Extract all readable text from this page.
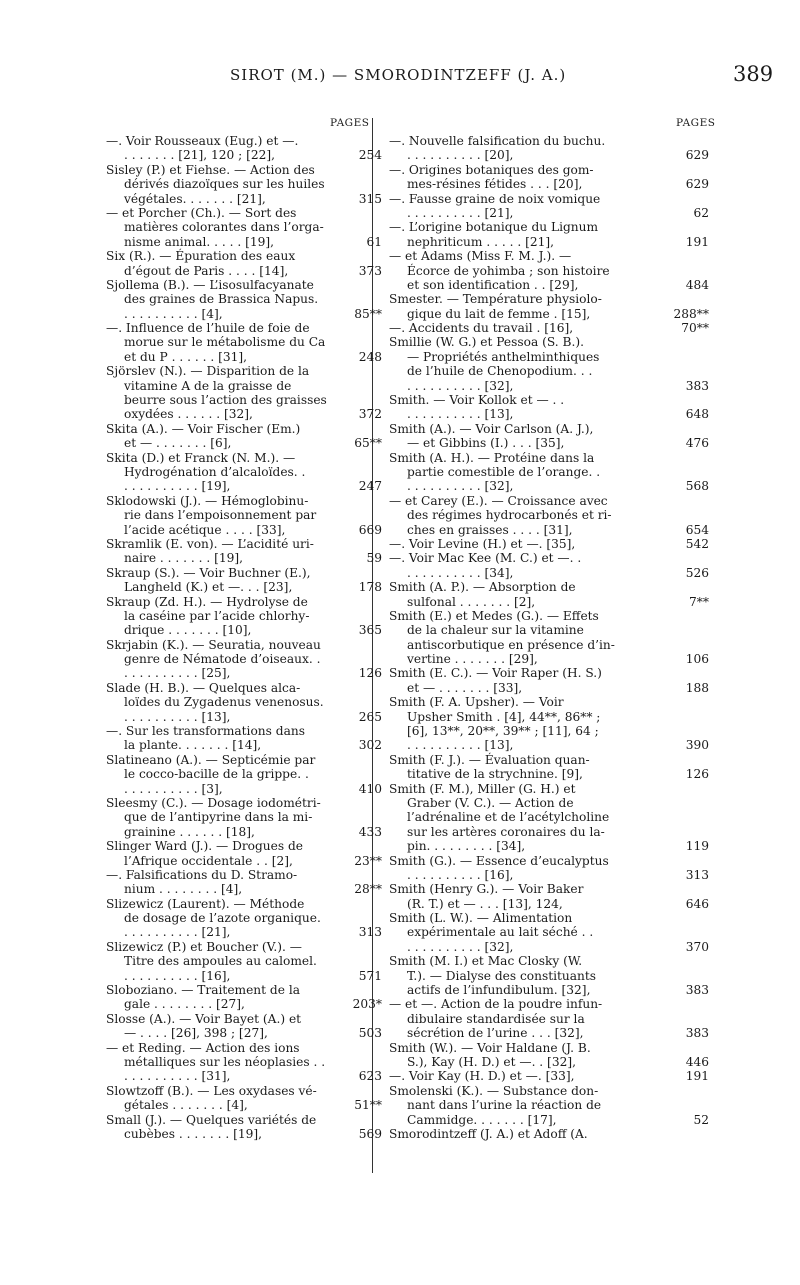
SIROT (M.) — SMORODINTZEFF (J. A.)	389
PAGES	PAGES
—. Voir Rousseaux (Eug.) et —.
. . . . . . . [21], 120 ; [22],	254
Sisley (P.) et Fiehse. — Action des
dérivés diazoïques sur les huiles
végétales. . . . . . . [21],	315
— et Porcher (Ch.). — Sort des
matières colorantes dans l’orga-
nisme animal. . . . . [19],	61
Six (R.). — Épuration des eaux
d’égout de Paris . . . . [14],	373
Sjollema (B.). — L’isosulfacyanate
des graines de Brassica Napus.
. . . . . . . . . . [4],	85**
—. Influence de l’huile de foie de
morue sur le métabolisme du Ca
et du P . . . . . . [31],	248
Sjörslev (N.). — Disparition de la
vitamine A de la graisse de
beurre sous l’action des graisses
oxydées . . . . . . [32],	372
Skita (A.). — Voir Fischer (Em.)
et — . . . . . . . [6],	65**
Skita (D.) et Franck (N. M.). —
Hydrogénation d’alcaloïdes. .
. . . . . . . . . . [19],	247
Sklodowski (J.). — Hémoglobinu-
rie dans l’empoisonnement par
l’acide acétique . . . . [33],	669
Skramlik (E. von). — L’acidité uri-
naire . . . . . . . [19],	59
Skraup (S.). — Voir Buchner (E.),
Langheld (K.) et —. . . [23],	178
Skraup (Zd. H.). — Hydrolyse de
la caséine par l’acide chlorhy-
drique . . . . . . . [10],	365
Skrjabin (K.). — Seuratia, nouveau
genre de Nématode d’oiseaux. .
. . . . . . . . . . [25],	126
Slade (H. B.). — Quelques alca-
loïdes du Zygadenus venenosus.
. . . . . . . . . . [13],	265
—. Sur les transformations dans
la plante. . . . . . . [14],	302
Slatineano (A.). — Septicémie par
le cocco-bacille de la grippe. .
. . . . . . . . . . [3],	410
Sleesmy (C.). — Dosage iodométri-
que de l’antipyrine dans la mi-
grainine . . . . . . [18],	433
Slinger Ward (J.). — Drogues de
l’Afrique occidentale . . [2],	23**
—. Falsifications du D. Stramo-
nium . . . . . . . . [4],	28**
Slizewicz (Laurent). — Méthode
de dosage de l’azote organique.
. . . . . . . . . . [21],	313
Slizewicz (P.) et Boucher (V.). —
Titre des ampoules au calomel.
. . . . . . . . . . [16],	571
Slobozianо. — Traitement de la
gale . . . . . . . . [27],	203*
Slosse (A.). — Voir Bayet (A.) et
— . . . . [26], 398 ; [27],	503
— et Reding. — Action des ions
métalliques sur les néoplasies . .
. . . . . . . . . . [31],	623
Slowtzoff (B.). — Les oxydases vé-
gétales . . . . . . . [4],	51**
Small (J.). — Quelques variétés de
cubèbes . . . . . . . [19],	569
—. Nouvelle falsification du buchu.
. . . . . . . . . . [20],	629
—. Origines botaniques des gom-
mes-résines fétides . . . [20],	629
—. Fausse graine de noix vomique
. . . . . . . . . . [21],	62
—. L’origine botanique du Lignum
nephriticum . . . . . [21],	191
— et Adams (Miss F. M. J.). —
Écorce de yohimba ; son histoire
et son identification . . [29],	484
Smester. — Température physiolo-
gique du lait de femme . [15],	288**
—. Accidents du travail . [16],	70**
Smillie (W. G.) et Pessoa (S. B.).
— Propriétés anthelminthiques
de l’huile de Chenopodium. . .
. . . . . . . . . . [32],	383
Smith. — Voir Kollok et — . .
. . . . . . . . . . [13],	648
Smith (A.). — Voir Carlson (A. J.),
— et Gibbins (I.) . . . [35],	476
Smith (A. H.). — Protéine dans la
partie comestible de l’orange. .
. . . . . . . . . . [32],	568
— et Carey (E.). — Croissance avec
des régimes hydrocarbonés et ri-
ches en graisses . . . . [31],	654
—. Voir Levine (H.) et —. [35],	542
—. Voir Mac Kee (M. C.) et —. .
. . . . . . . . . . [34],	526
Smith (A. P.). — Absorption de
sulfonal . . . . . . . [2],	7**
Smith (E.) et Medes (G.). — Effets
de la chaleur sur la vitamine
antiscorbutique en présence d’in-
vertine . . . . . . . [29],	106
Smith (E. C.). — Voir Raper (H. S.)
et — . . . . . . . [33],	188
Smith (F. A. Upsher). — Voir
Upsher Smith . [4], 44**, 86** ;
[6], 13**, 20**, 39** ; [11], 64 ;
. . . . . . . . . . [13],	390
Smith (F. J.). — Évaluation quan-
titative de la strychnine. [9],	126
Smith (F. M.), Miller (G. H.) et
Graber (V. C.). — Action de
l’adrénaline et de l’acétylcholine
sur les artères coronaires du la-
pin. . . . . . . . . [34],	119
Smith (G.). — Essence d’eucalyptus
. . . . . . . . . . [16],	313
Smith (Henry G.). — Voir Baker
(R. T.) et — . . . [13], 124,	646
Smith (L. W.). — Alimentation
expérimentale au lait séché . .
. . . . . . . . . . [32],	370
Smith (M. I.) et Mac Closky (W.
T.). — Dialyse des constituants
actifs de l’infundibulum. [32],	383
— et —. Action de la poudre infun-
dibulaire standardisée sur la
sécrétion de l’urine . . . [32],	383
Smith (W.). — Voir Haldane (J. B.
S.), Kay (H. D.) et —. . [32],	446
—. Voir Kay (H. D.) et —. [33],	191
Smolenski (K.). — Substance don-
nant dans l’urine la réaction de
Cammidge. . . . . . . [17],	52
Smorodintzeff (J. A.) et Adoff (A.
